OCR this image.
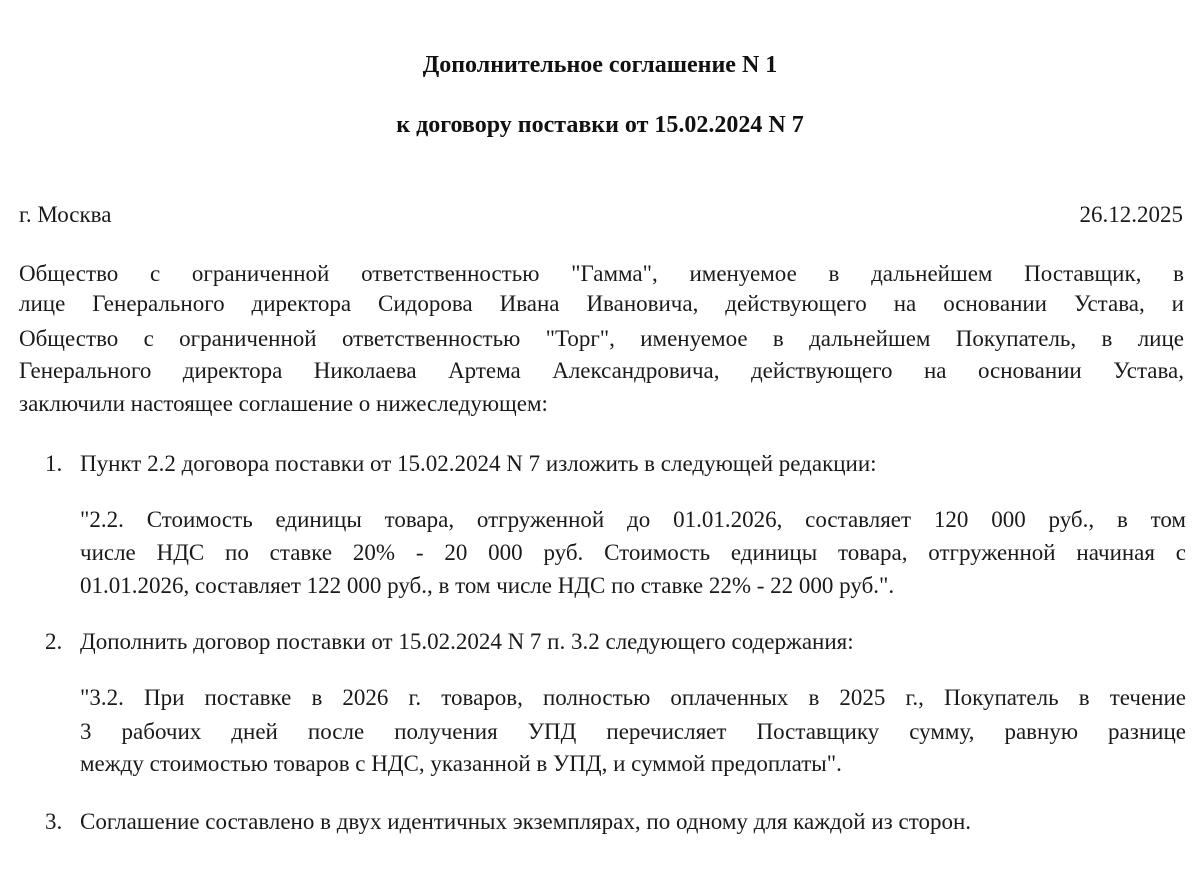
Дополнительное соглашение N 1
к договору поставки от 15.02.2024 N 7
г. Москва	26.12.2025
Общество с ограниченной ответственностью "Гамма", именуемое в дальнейшем Поставщик, в
лице Генерального директора Сидорова Ивана Ивановича, действующего на основании Устава, и
Общество с ограниченной ответственностью "Торг", именуемое в дальнейшем Покупатель, в лице
Генерального директора Николаева Артема Александровича, действующего на основании Устава,
заключили настоящее соглашение о нижеследующем:
1. Пункт 2.2 договора поставки от 15.02.2024 N 7 изложить в следующей редакции:
"2.2. Стоимость единицы товара, отгруженной до 01.01.2026, составляет 120 000 руб., в том
числе НДС по ставке 20% - 20 000 руб. Стоимость единицы товара, отгруженной начиная с
01.01.2026, составляет 122 000 руб., в том числе НДС по ставке 22% - 22 000 руб.".
2. Дополнить договор поставки от 15.02.2024 N 7 п. 3.2 следующего содержания:
"3.2. При поставке в 2026 г. товаров, полностью оплаченных в 2025 г., Покупатель в течение
3 рабочих дней после получения УПД перечисляет Поставщику сумму, равную разнице
между стоимостью товаров с НДС, указанной в УПД, и суммой предоплаты".
3. Соглашение составлено в двух идентичных экземплярах, по одному для каждой из сторон.
